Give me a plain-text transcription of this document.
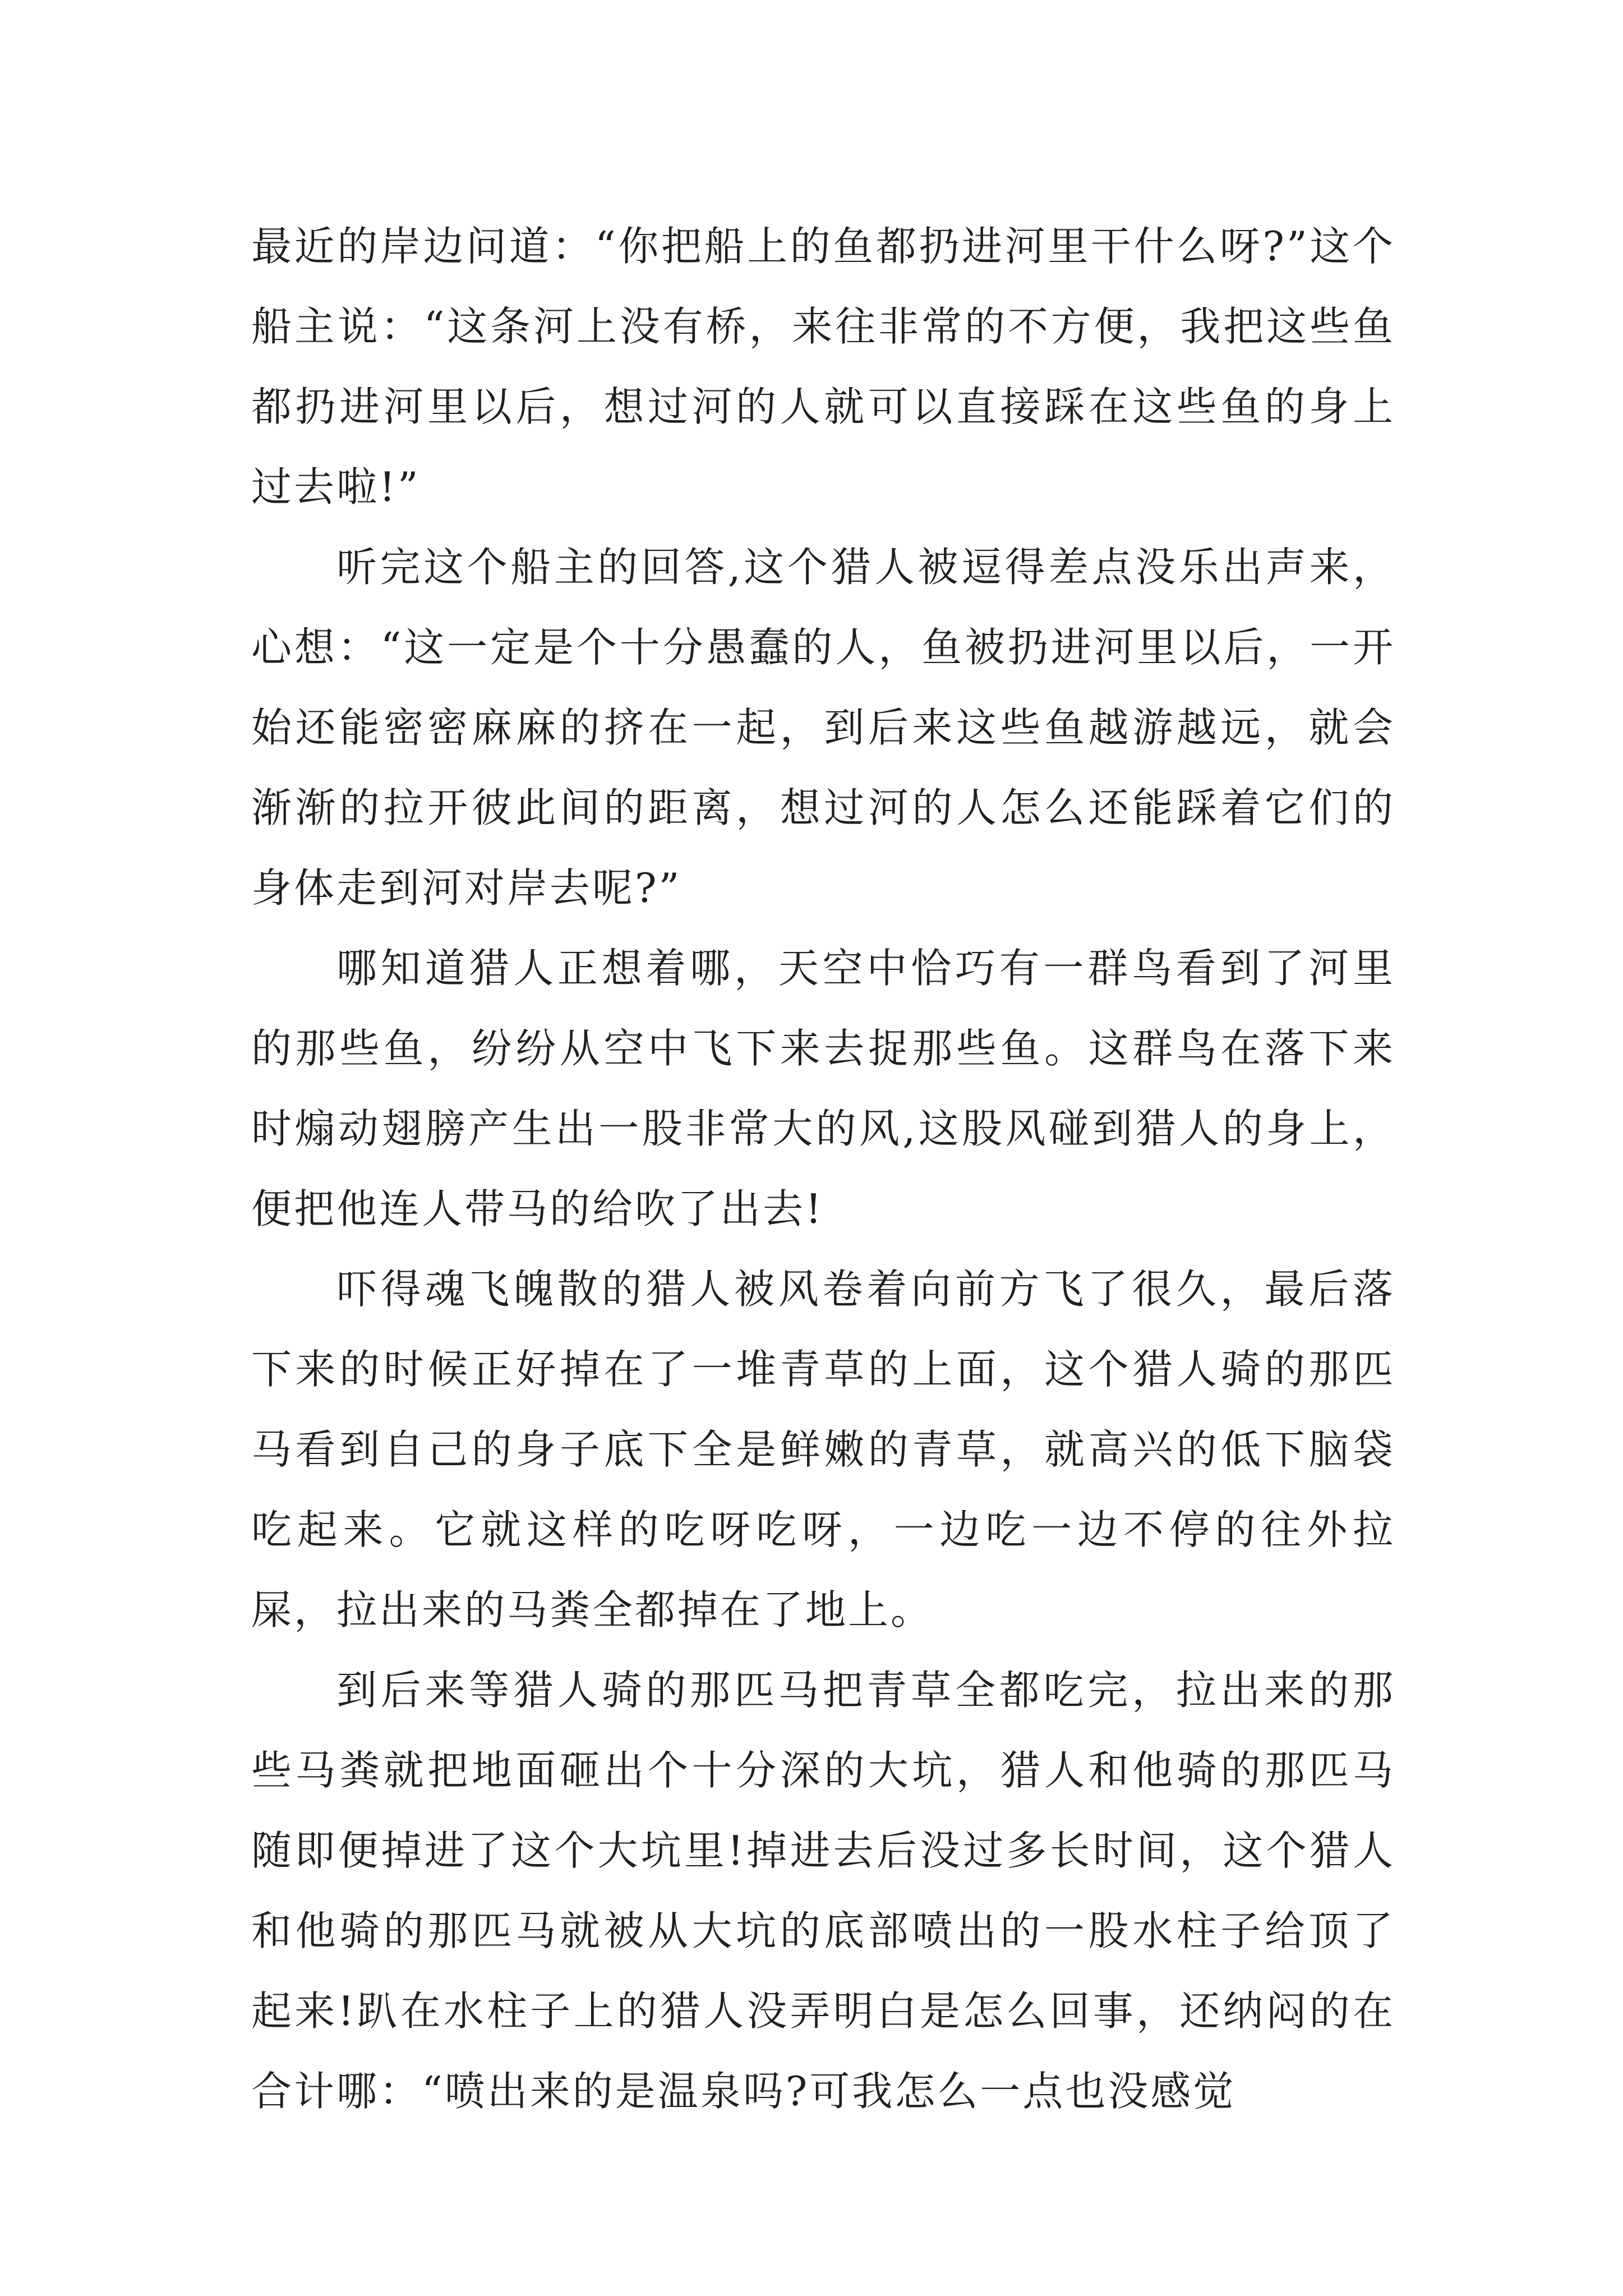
最近的岸边问道：“你把船上的鱼都扔进河里干什么呀?”这个船主说：“这条河上没有桥，来往非常的不方便，我把这些鱼都扔进河里以后，想过河的人就可以直接踩在这些鱼的身上过去啦!”

听完这个船主的回答,这个猎人被逗得差点没乐出声来，心想：“这一定是个十分愚蠢的人，鱼被扔进河里以后，一开始还能密密麻麻的挤在一起，到后来这些鱼越游越远，就会渐渐的拉开彼此间的距离，想过河的人怎么还能踩着它们的身体走到河对岸去呢?”

哪知道猎人正想着哪，天空中恰巧有一群鸟看到了河里的那些鱼，纷纷从空中飞下来去捉那些鱼。这群鸟在落下来时煽动翅膀产生出一股非常大的风,这股风碰到猎人的身上，便把他连人带马的给吹了出去!

吓得魂飞魄散的猎人被风卷着向前方飞了很久，最后落下来的时候正好掉在了一堆青草的上面，这个猎人骑的那匹马看到自己的身子底下全是鲜嫩的青草，就高兴的低下脑袋吃起来。它就这样的吃呀吃呀，一边吃一边不停的往外拉屎，拉出来的马粪全都掉在了地上。

到后来等猎人骑的那匹马把青草全都吃完，拉出来的那些马粪就把地面砸出个十分深的大坑，猎人和他骑的那匹马随即便掉进了这个大坑里!掉进去后没过多长时间，这个猎人和他骑的那匹马就被从大坑的底部喷出的一股水柱子给顶了起来!趴在水柱子上的猎人没弄明白是怎么回事，还纳闷的在合计哪：“喷出来的是温泉吗?可我怎么一点也没感觉
